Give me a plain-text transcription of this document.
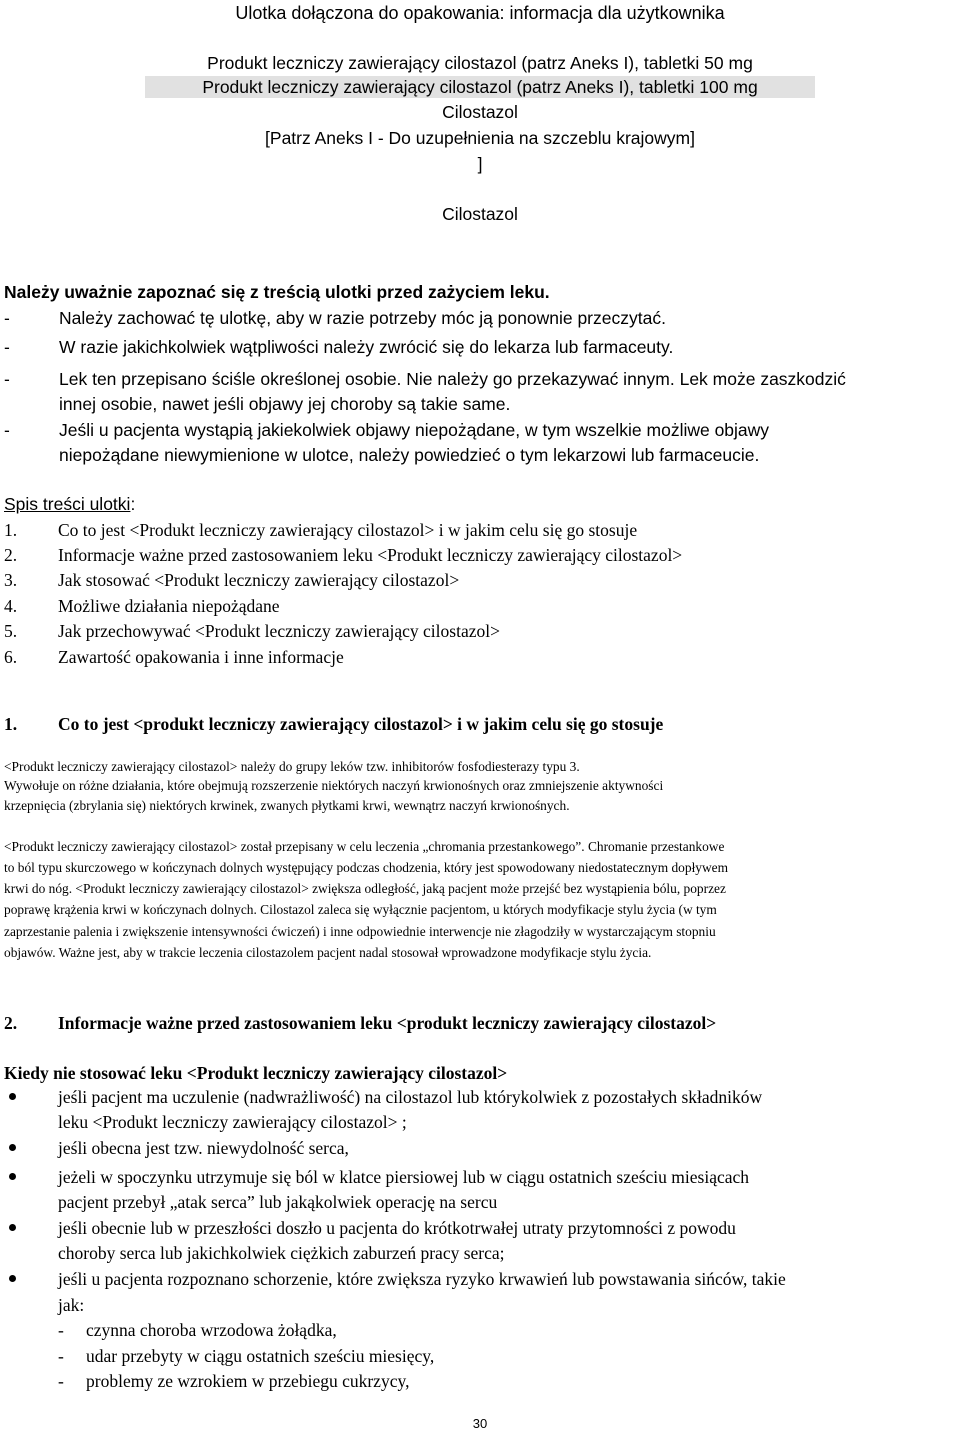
Ulotka dołączona do opakowania: informacja dla użytkownika
Produkt leczniczy zawierający cilostazol (patrz Aneks I), tabletki 50 mg
Produkt leczniczy zawierający cilostazol (patrz Aneks I), tabletki 100 mg
Cilostazol
[Patrz Aneks I - Do uzupełnienia na szczeblu krajowym]
]
Cilostazol
Należy uważnie zapoznać się z treścią ulotki przed zażyciem leku.
-	Należy zachować tę ulotkę, aby w razie potrzeby móc ją ponownie przeczytać.
-	W razie jakichkolwiek wątpliwości należy zwrócić się do lekarza lub farmaceuty.
-	Lek ten przepisano ściśle określonej osobie. Nie należy go przekazywać innym. Lek może zaszkodzić
innej osobie, nawet jeśli objawy jej choroby są takie same.
-	Jeśli u pacjenta wystąpią jakiekolwiek objawy niepożądane, w tym wszelkie możliwe objawy
niepożądane niewymienione w ulotce, należy powiedzieć o tym lekarzowi lub farmaceucie.
Spis treści ulotki:
1. Co to jest <Produkt leczniczy zawierający cilostazol> i w jakim celu się go stosuje
2. Informacje ważne przed zastosowaniem leku <Produkt leczniczy zawierający cilostazol>
3. Jak stosować <Produkt leczniczy zawierający cilostazol>
4. Możliwe działania niepożądane
5. Jak przechowywać <Produkt leczniczy zawierający cilostazol>
6. Zawartość opakowania i inne informacje
1. Co to jest <produkt leczniczy zawierający cilostazol> i w jakim celu się go stosuje
<Produkt leczniczy zawierający cilostazol> należy do grupy leków tzw. inhibitorów fosfodiesterazy typu 3.
Wywołuje on różne działania, które obejmują rozszerzenie niektórych naczyń krwionośnych oraz zmniejszenie aktywności
krzepnięcia (zbrylania się) niektórych krwinek, zwanych płytkami krwi, wewnątrz naczyń krwionośnych.
<Produkt leczniczy zawierający cilostazol> został przepisany w celu leczenia „chromania przestankowego”. Chromanie przestankowe
to ból typu skurczowego w kończynach dolnych występujący podczas chodzenia, który jest spowodowany niedostatecznym dopływem
krwi do nóg. <Produkt leczniczy zawierający cilostazol> zwiększa odległość, jaką pacjent może przejść bez wystąpienia bólu, poprzez
poprawę krążenia krwi w kończynach dolnych. Cilostazol zaleca się wyłącznie pacjentom, u których modyfikacje stylu życia (w tym
zaprzestanie palenia i zwiększenie intensywności ćwiczeń) i inne odpowiednie interwencje nie złagodziły w wystarczającym stopniu
objawów. Ważne jest, aby w trakcie leczenia cilostazolem pacjent nadal stosował wprowadzone modyfikacje stylu życia.
2. Informacje ważne przed zastosowaniem leku <produkt leczniczy zawierający cilostazol>
Kiedy nie stosować leku <Produkt leczniczy zawierający cilostazol>
jeśli pacjent ma uczulenie (nadwrażliwość) na cilostazol lub którykolwiek z pozostałych składników
leku <Produkt leczniczy zawierający cilostazol> ;
jeśli obecna jest tzw. niewydolność serca,
jeżeli w spoczynku utrzymuje się ból w klatce piersiowej lub w ciągu ostatnich sześciu miesiącach
pacjent przebył „atak serca” lub jakąkolwiek operację na sercu
jeśli obecnie lub w przeszłości doszło u pacjenta do krótkotrwałej utraty przytomności z powodu
choroby serca lub jakichkolwiek ciężkich zaburzeń pracy serca;
jeśli u pacjenta rozpoznano schorzenie, które zwiększa ryzyko krwawień lub powstawania sińców, takie
jak:
- czynna choroba wrzodowa żołądka,
- udar przebyty w ciągu ostatnich sześciu miesięcy,
- problemy ze wzrokiem w przebiegu cukrzycy,
30
